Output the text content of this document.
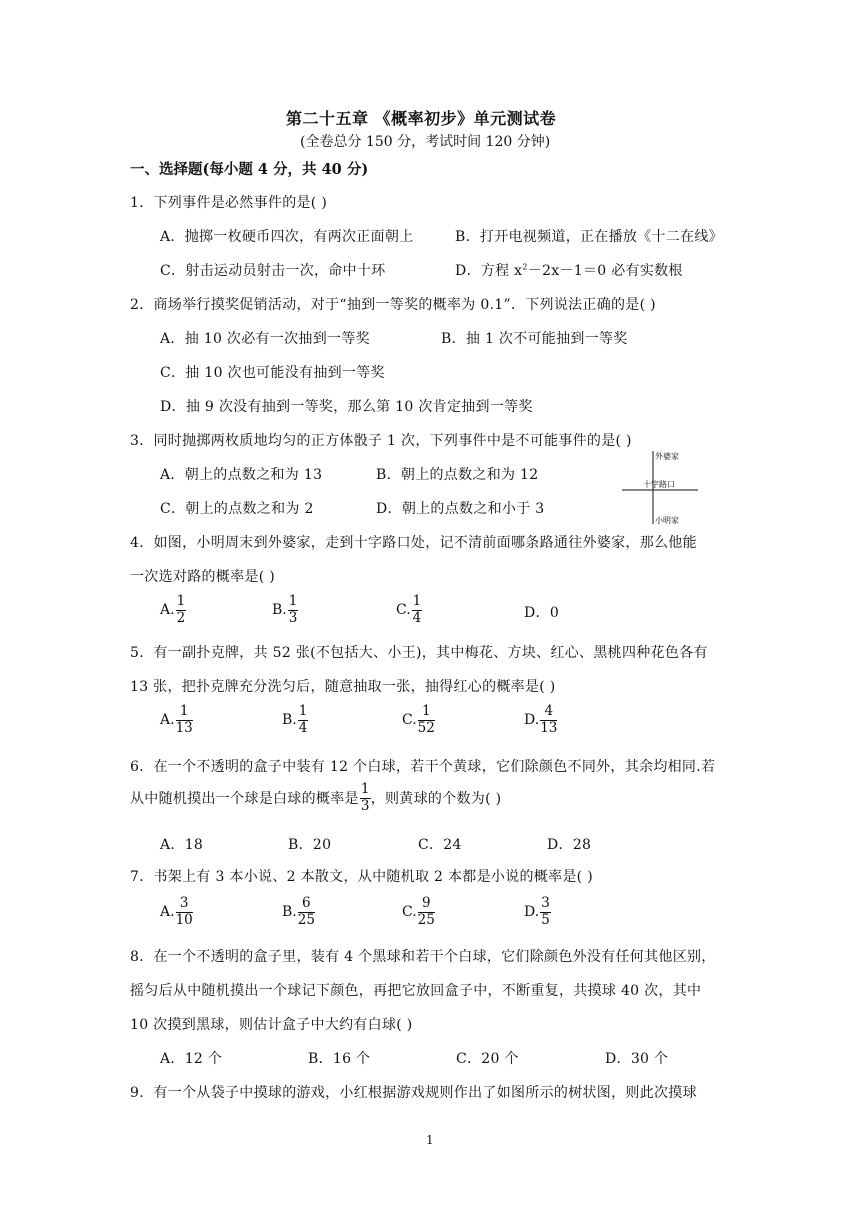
第二十五章 《概率初步》单元测试卷
(全卷总分 150 分，考试时间 120 分钟)
一、选择题(每小题 4 分，共 40 分)
1．下列事件是必然事件的是( )
A．抛掷一枚硬币四次，有两次正面朝上	B．打开电视频道，正在播放《十二在线》
C．射击运动员射击一次，命中十环	D．方程 $x^2-2x-1=0$ 必有实数根
2．商场举行摸奖促销活动，对于“抽到一等奖的概率为 0.1”．下列说法正确的是( )
A．抽 10 次必有一次抽到一等奖	B．抽 1 次不可能抽到一等奖
C．抽 10 次也可能没有抽到一等奖
D．抽 9 次没有抽到一等奖，那么第 10 次肯定抽到一等奖
3．同时抛掷两枚质地均匀的正方体骰子 1 次，下列事件中是不可能事件的是( )
A．朝上的点数之和为 13	B．朝上的点数之和为 12
C．朝上的点数之和为 2	D．朝上的点数之和小于 3
外婆家
十字路口
小明家
4．如图，小明周末到外婆家，走到十字路口处，记不清前面哪条路通往外婆家，那么他能
一次选对路的概率是( )
A. $\frac{1}{2}$	B. $\frac{1}{3}$	C. $\frac{1}{4}$	D．0
5．有一副扑克牌，共 52 张(不包括大、小王)，其中梅花、方块、红心、黑桃四种花色各有
13 张，把扑克牌充分洗匀后，随意抽取一张，抽得红心的概率是( )
A. $\frac{1}{13}$	B. $\frac{1}{4}$	C. $\frac{1}{52}$	D. $\frac{4}{13}$
6．在一个不透明的盒子中装有 12 个白球，若干个黄球，它们除颜色不同外，其余均相同.若
从中随机摸出一个球是白球的概率是 $\frac{1}{3}$ ，则黄球的个数为( )
A．18	B．20	C．24	D．28
7．书架上有 3 本小说、2 本散文，从中随机取 2 本都是小说的概率是( )
A. $\frac{3}{10}$	B. $\frac{6}{25}$	C. $\frac{9}{25}$	D. $\frac{3}{5}$
8．在一个不透明的盒子里，装有 4 个黑球和若干个白球，它们除颜色外没有任何其他区别，
摇匀后从中随机摸出一个球记下颜色，再把它放回盒子中，不断重复，共摸球 40 次，其中
10 次摸到黑球，则估计盒子中大约有白球( )
A．12 个	B．16 个	C．20 个	D．30 个
9．有一个从袋子中摸球的游戏，小红根据游戏规则作出了如图所示的树状图，则此次摸球
1
